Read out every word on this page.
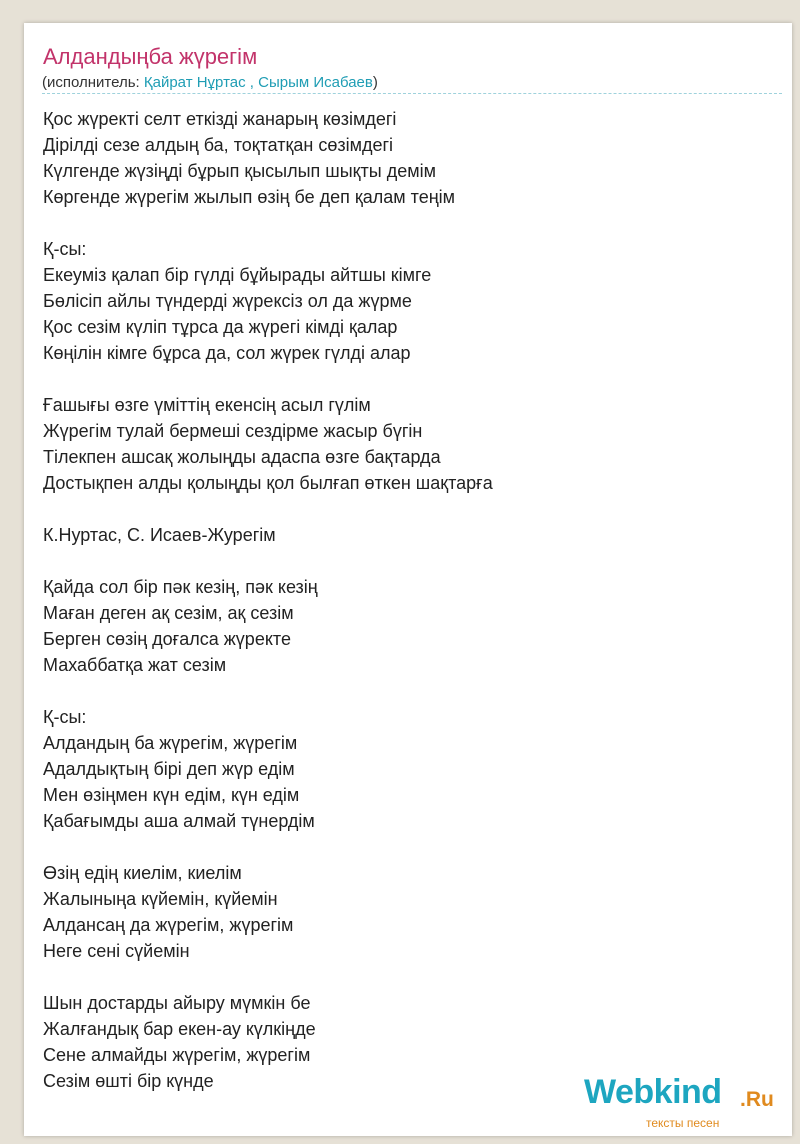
Алдандыңба жүрегім
(исполнитель: Қайрат Нұртас , Сырым Исабаев)
Қос жүректі селт еткізді жанарың көзімдегі
Дірілді сезе алдың ба, тоқтатқан сөзімдегі
Күлгенде жүзіңді бұрып қысылып шықты демім
Көргенде жүрегім жылып өзің бе деп қалам теңім
Қ-сы:
Екеуміз қалап бір гүлді бұйырады айтшы кімге
Бөлісіп айлы түндерді жүрексіз ол да жүрме
Қос сезім күліп тұрса да жүрегі кімді қалар
Көңілін кімге бұрса да, сол жүрек гүлді алар
Ғашығы өзге үміттің екенсің асыл гүлім
Жүрегім тулай бермеші сездірме жасыр бүгін
Тілекпен ашсақ жолыңды адаспа өзге бақтарда
Достықпен алды қолыңды қол былғап өткен шақтарға
К.Нуртас, С. Исаев-Журегім
Қайда сол бір пәк кезің, пәк кезің
Маған деген ақ сезім, ақ сезім
Берген сөзің доғалса жүректе
Махаббатқа жат сезім
Қ-сы:
Алдандың ба жүрегім, жүрегім
Адалдықтың бірі деп жүр едім
Мен өзіңмен күн едім, күн едім
Қабағымды аша алмай түнердім
Өзің едің киелім, киелім
Жалыныңа күйемін, күйемін
Алдансаң да жүрегім, жүрегім
Неге сені сүйемін
Шын достарды айыру мүмкін бе
Жалғандық бар екен-ау күлкіңде
Сене алмайды жүрегім, жүрегім
Сезім өшті бір күнде	Webkind .Ru
тексты песен
